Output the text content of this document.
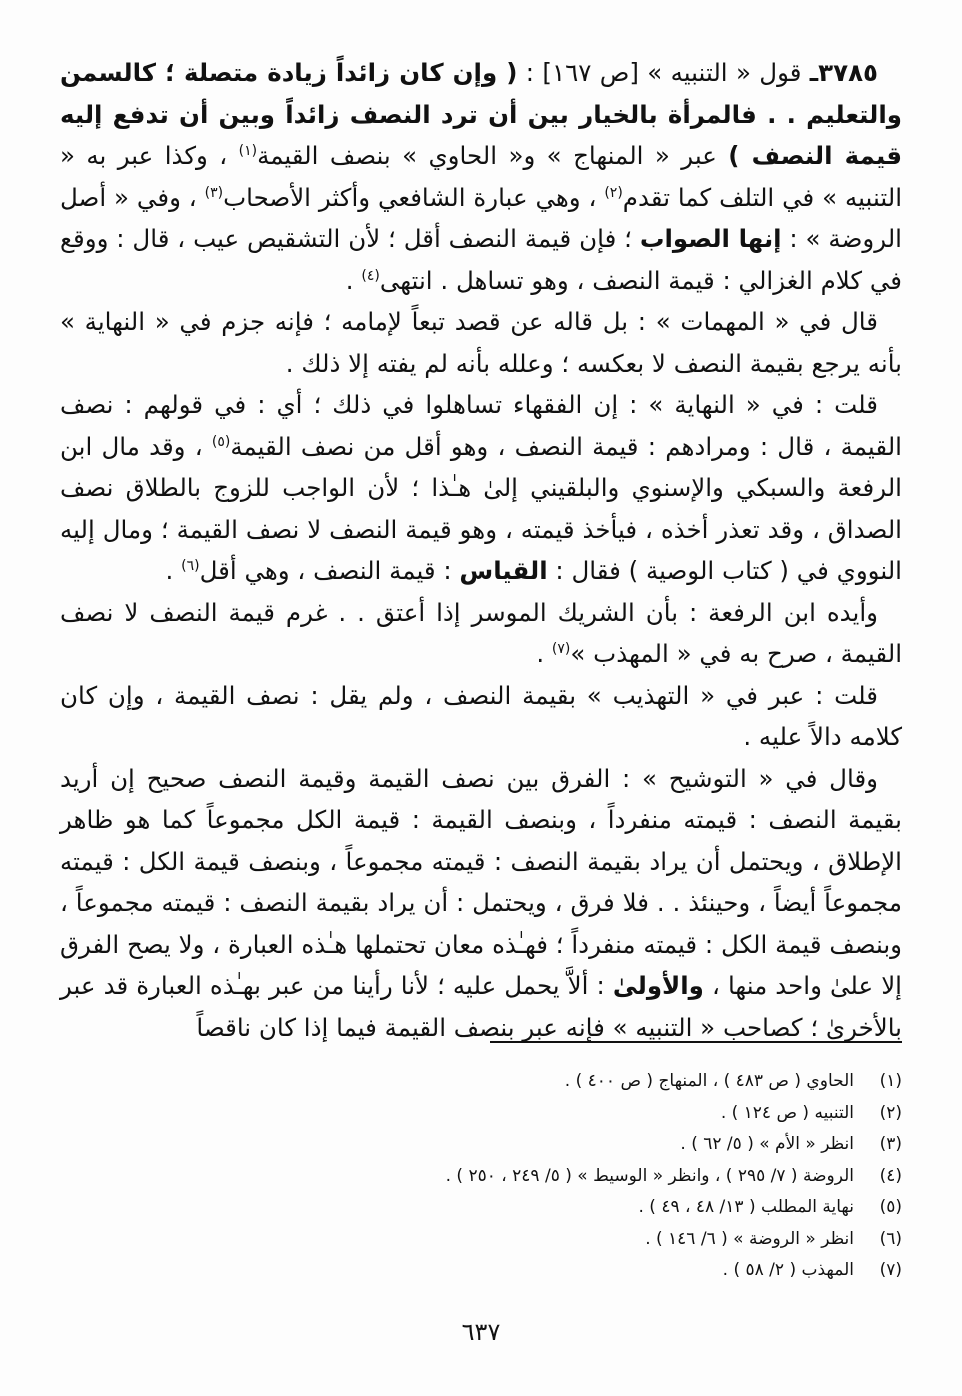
٣٧٨٥ـ قول « التنبيه » [ص ١٦٧] : ( وإن كان زائداً زيادة متصلة ؛ كالسمن والتعليم . . فالمرأة بالخيار بين أن ترد النصف زائداً وبين أن تدفع إليه قيمة النصف ) عبر « المنهاج » و« الحاوي » بنصف القيمة$^{(١)}$ ، وكذا عبر به « التنبيه » في التلف كما تقدم$^{(٢)}$ ، وهي عبارة الشافعي وأكثر الأصحاب$^{(٣)}$ ، وفي « أصل الروضة » : إنها الصواب ؛ فإن قيمة النصف أقل ؛ لأن التشقيص عيب ، قال : ووقع في كلام الغزالي : قيمة النصف ، وهو تساهل . انتهى$^{(٤)}$ .

قال في « المهمات » : بل قاله عن قصد تبعاً لإمامه ؛ فإنه جزم في « النهاية » بأنه يرجع بقيمة النصف لا بعكسه ؛ وعلله بأنه لم يفته إلا ذلك .

قلت : في « النهاية » : إن الفقهاء تساهلوا في ذلك ؛ أي : في قولهم : نصف القيمة ، قال : ومرادهم : قيمة النصف ، وهو أقل من نصف القيمة$^{(٥)}$ ، وقد مال ابن الرفعة والسبكي والإسنوي والبلقيني إلىٰ هـٰذا ؛ لأن الواجب للزوج بالطلاق نصف الصداق ، وقد تعذر أخذه ، فيأخذ قيمته ، وهو قيمة النصف لا نصف القيمة ؛ ومال إليه النووي في ( كتاب الوصية ) فقال : القياس : قيمة النصف ، وهي أقل$^{(٦)}$ .

وأيده ابن الرفعة : بأن الشريك الموسر إذا أعتق . . غرم قيمة النصف لا نصف القيمة ، صرح به في « المهذب »$^{(٧)}$ .

قلت : عبر في « التهذيب » بقيمة النصف ، ولم يقل : نصف القيمة ، وإن كان كلامه دالاً عليه .

وقال في « التوشيح » : الفرق بين نصف القيمة وقيمة النصف صحيح إن أريد بقيمة النصف : قيمته منفرداً ، وبنصف القيمة : قيمة الكل مجموعاً كما هو ظاهر الإطلاق ، ويحتمل أن يراد بقيمة النصف : قيمته مجموعاً ، وبنصف قيمة الكل : قيمته مجموعاً أيضاً ، وحينئذ . . فلا فرق ، ويحتمل : أن يراد بقيمة النصف : قيمته مجموعاً ، وبنصف قيمة الكل : قيمته منفرداً ؛ فهـٰذه معان تحتملها هـٰذه العبارة ، ولا يصح الفرق إلا علىٰ واحد منها ، والأولىٰ : ألاَّ يحمل عليه ؛ لأنا رأينا من عبر بهـٰذه العبارة قد عبر بالأخرىٰ ؛ كصاحب « التنبيه » فإنه عبر بنصف القيمة فيما إذا كان ناقصاً

(١)
الحاوي ( ص ٤٨٣ ) ، المنهاج ( ص ٤٠٠ ) .
(٢)
التنبيه ( ص ١٢٤ ) .
(٣)
انظر « الأم » ( ٥/ ٦٢ ) .
(٤)
الروضة ( ٧/ ٢٩٥ ) ، وانظر « الوسيط » ( ٥/ ٢٤٩ ، ٢٥٠ ) .
(٥)
نهاية المطلب ( ١٣/ ٤٨ ، ٤٩ ) .
(٦)
انظر « الروضة » ( ٦/ ١٤٦ ) .
(٧)
المهذب ( ٢/ ٥٨ ) .
٦٣٧
